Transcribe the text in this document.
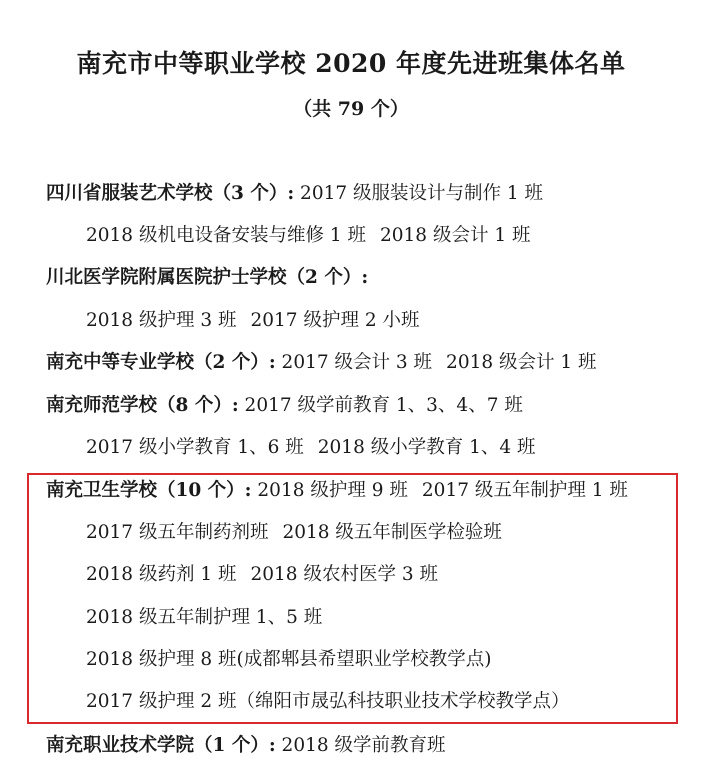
南充市中等职业学校 2020 年度先进班集体名单
（共 79 个）
四川省服装艺术学校（3 个）: 2017 级服装设计与制作 1 班
2018 级机电设备安装与维修 1 班 2018 级会计 1 班
川北医学院附属医院护士学校（2 个）:
2018 级护理 3 班 2017 级护理 2 小班
南充中等专业学校（2 个）: 2017 级会计 3 班 2018 级会计 1 班
南充师范学校（8 个）: 2017 级学前教育 1、3、4、7 班
2017 级小学教育 1、6 班 2018 级小学教育 1、4 班
南充卫生学校（10 个）: 2018 级护理 9 班 2017 级五年制护理 1 班
2017 级五年制药剂班 2018 级五年制医学检验班
2018 级药剂 1 班 2018 级农村医学 3 班
2018 级五年制护理 1、5 班
2018 级护理 8 班(成都郫县希望职业学校教学点)
2017 级护理 2 班（绵阳市晟弘科技职业技术学校教学点）
南充职业技术学院（1 个）: 2018 级学前教育班
